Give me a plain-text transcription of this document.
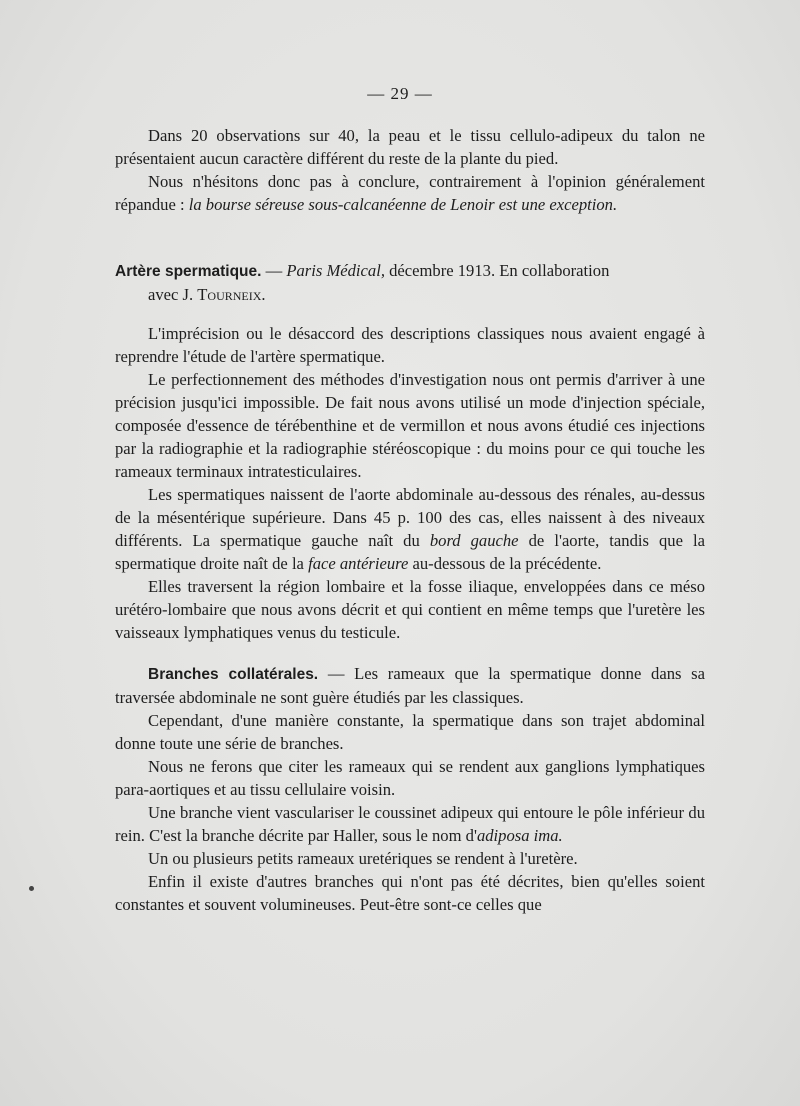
— 29 —

Dans 20 observations sur 40, la peau et le tissu cellulo-adipeux du talon ne présentaient aucun caractère différent du reste de la plante du pied.

Nous n'hésitons donc pas à conclure, contrairement à l'opinion généralement répandue : la bourse séreuse sous-calcanéenne de Lenoir est une exception.

Artère spermatique. — Paris Médical, décembre 1913. En collaboration

avec J. Tourneix.

L'imprécision ou le désaccord des descriptions classiques nous avaient engagé à reprendre l'étude de l'artère spermatique.

Le perfectionnement des méthodes d'investigation nous ont permis d'arriver à une précision jusqu'ici impossible. De fait nous avons utilisé un mode d'injection spéciale, composée d'essence de térébenthine et de vermillon et nous avons étudié ces injections par la radiographie et la radiographie stéréoscopique : du moins pour ce qui touche les rameaux terminaux intratesticulaires.

Les spermatiques naissent de l'aorte abdominale au-dessous des rénales, au-dessus de la mésentérique supérieure. Dans 45 p. 100 des cas, elles naissent à des niveaux différents. La spermatique gauche naît du bord gauche de l'aorte, tandis que la spermatique droite naît de la face antérieure au-dessous de la précédente.

Elles traversent la région lombaire et la fosse iliaque, enveloppées dans ce méso urétéro-lombaire que nous avons décrit et qui contient en même temps que l'uretère les vaisseaux lymphatiques venus du testicule.

Branches collatérales. — Les rameaux que la spermatique donne dans sa traversée abdominale ne sont guère étudiés par les classiques.

Cependant, d'une manière constante, la spermatique dans son trajet abdominal donne toute une série de branches.

Nous ne ferons que citer les rameaux qui se rendent aux ganglions lymphatiques para-aortiques et au tissu cellulaire voisin.

Une branche vient vasculariser le coussinet adipeux qui entoure le pôle inférieur du rein. C'est la branche décrite par Haller, sous le nom d'adiposa ima.

Un ou plusieurs petits rameaux uretériques se rendent à l'uretère.

Enfin il existe d'autres branches qui n'ont pas été décrites, bien qu'elles soient constantes et souvent volumineuses. Peut-être sont-ce celles que
